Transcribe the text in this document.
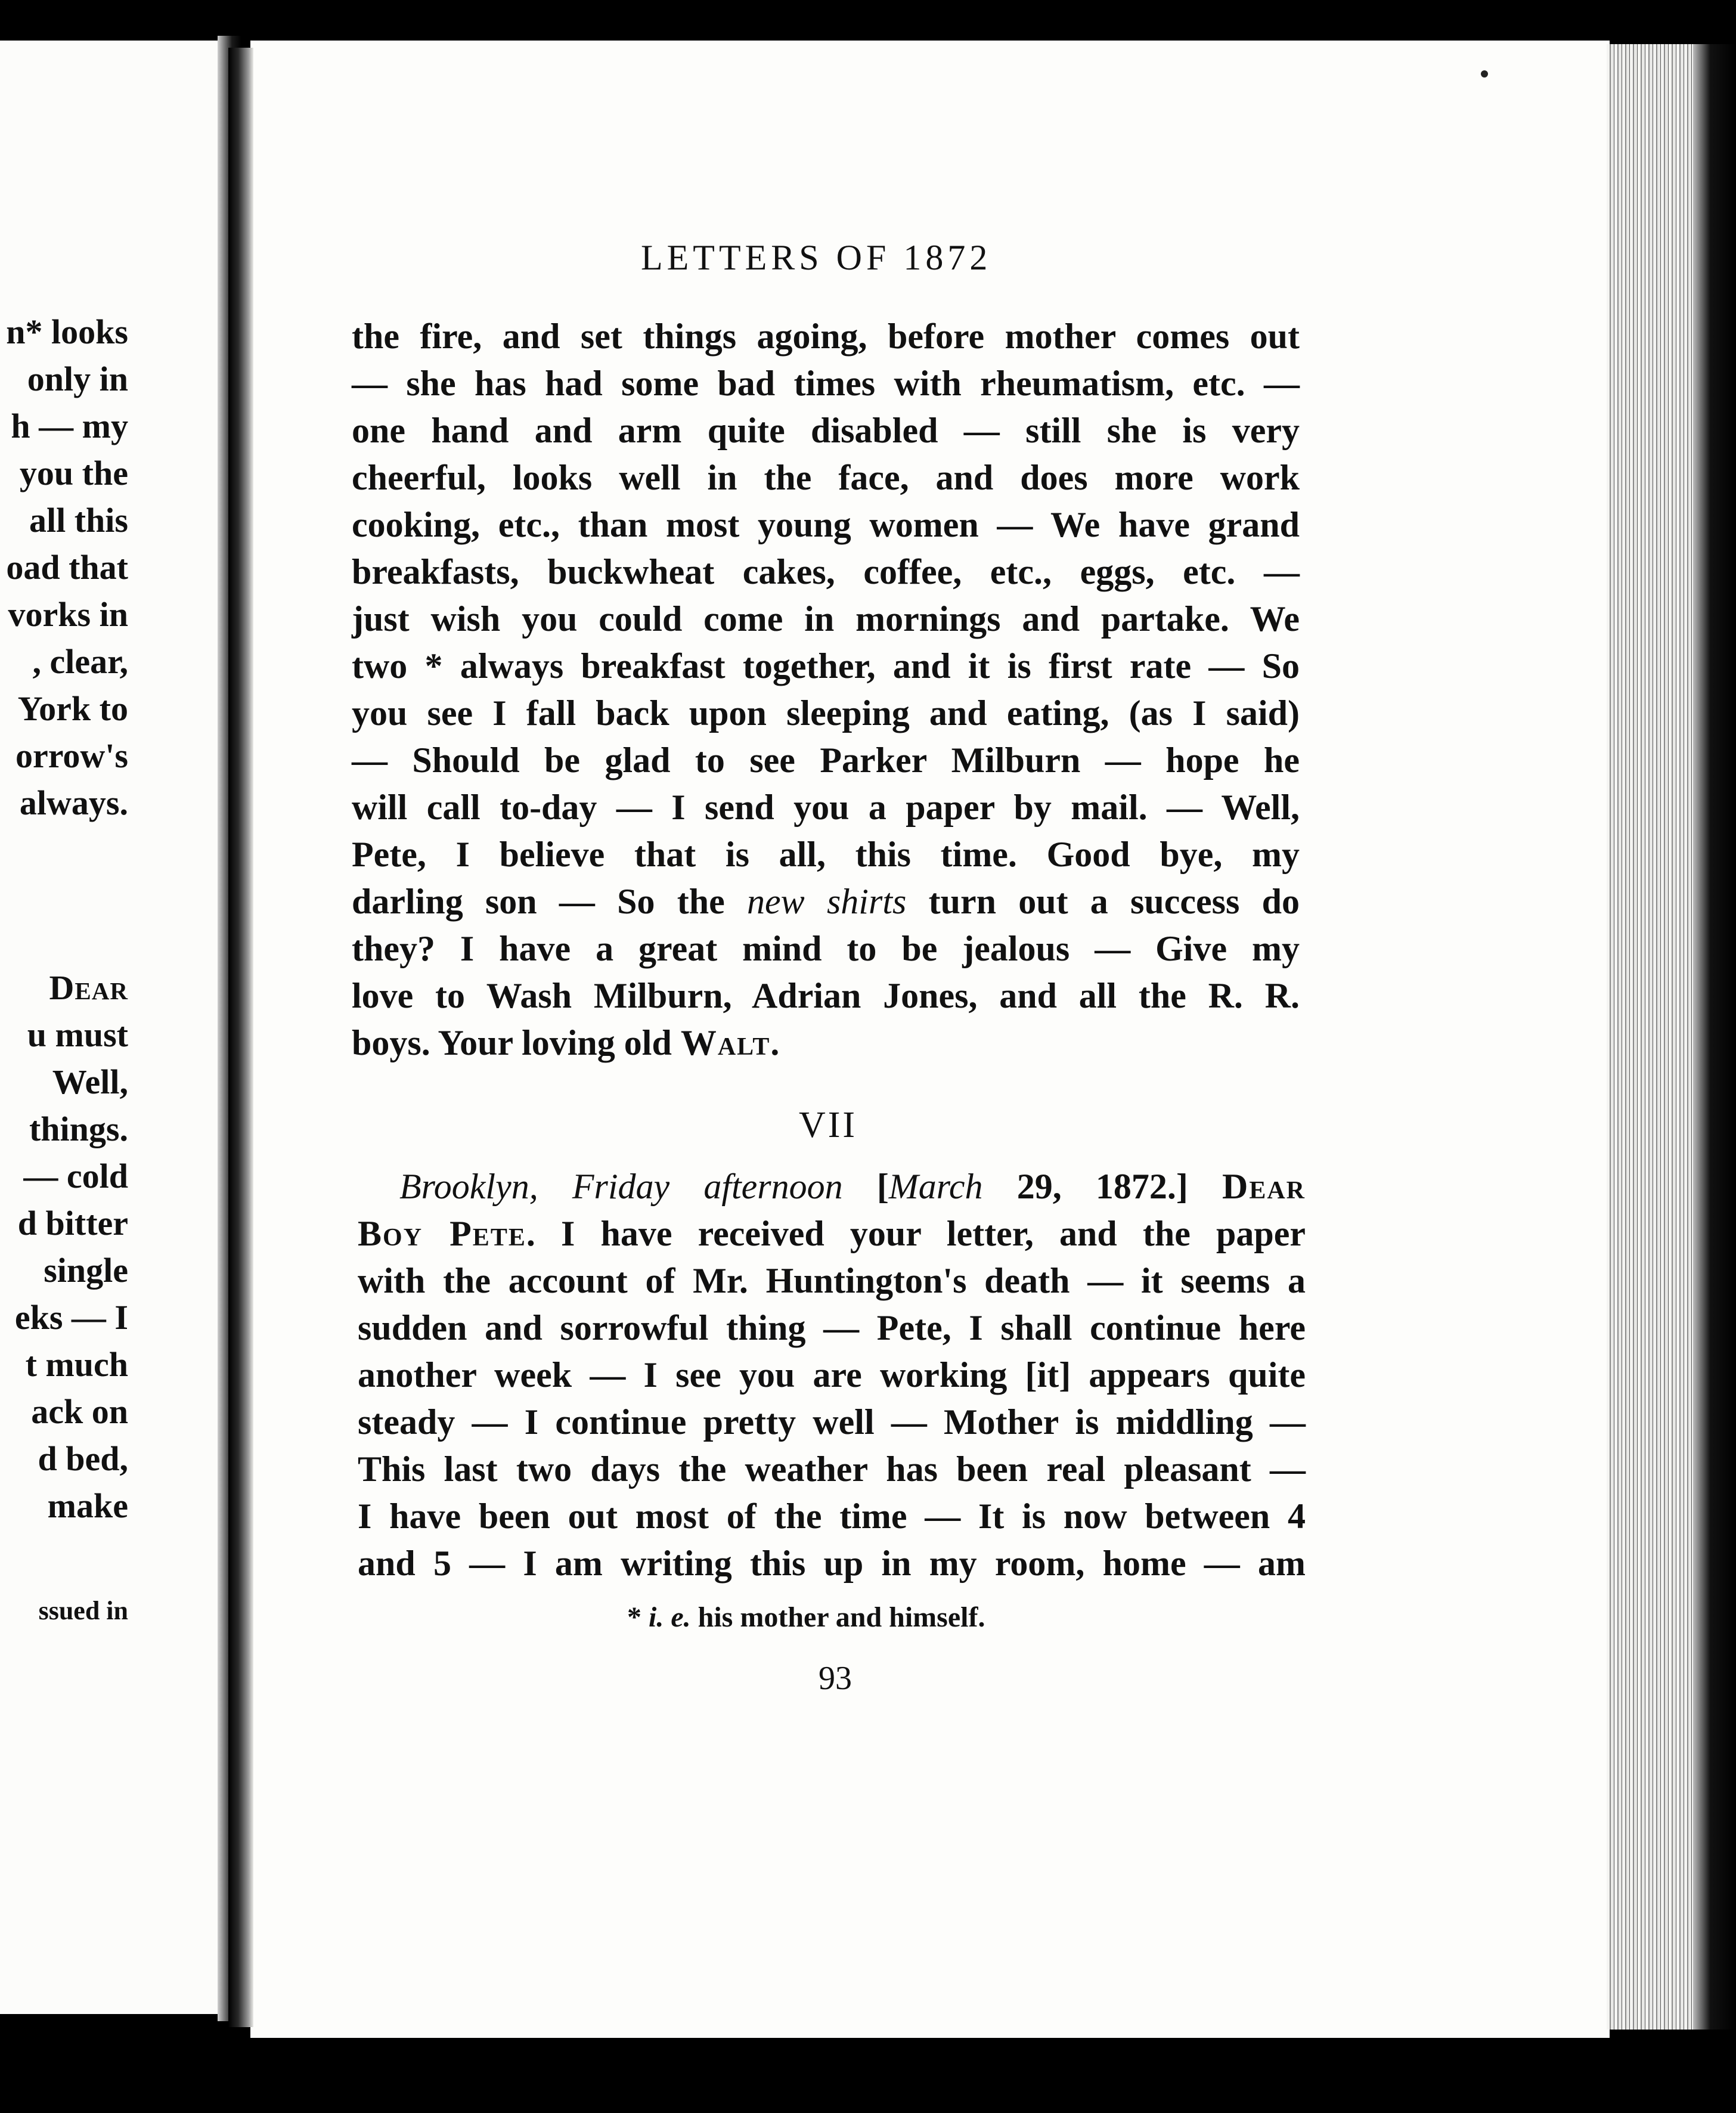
n* looks
only in
h — my
you the
all this
oad that
vorks in
, clear,
York to
orrow's
always.
Dear
u must
Well,
things.
— cold
d bitter
single
eks — I
t much
ack on
d bed,
make
ssued in
LETTERS OF 1872
the fire, and set things agoing, before mother comes out
— she has had some bad times with rheumatism, etc. —
one hand and arm quite disabled — still she is very
cheerful, looks well in the face, and does more work
cooking, etc., than most young women — We have grand
breakfasts, buckwheat cakes, coffee, etc., eggs, etc. —
just wish you could come in mornings and partake. We
two * always breakfast together, and it is first rate — So
you see I fall back upon sleeping and eating, (as I said)
— Should be glad to see Parker Milburn — hope he
will call to-day — I send you a paper by mail. — Well,
Pete, I believe that is all, this time. Good bye, my
darling son — So the new shirts turn out a success do
they? I have a great mind to be jealous — Give my
love to Wash Milburn, Adrian Jones, and all the R. R.
boys. Your loving old Walt.
VII
Brooklyn, Friday afternoon [March 29, 1872.] Dear
Boy Pete. I have received your letter, and the paper
with the account of Mr. Huntington's death — it seems a
sudden and sorrowful thing — Pete, I shall continue here
another week — I see you are working [it] appears quite
steady — I continue pretty well — Mother is middling —
This last two days the weather has been real pleasant —
I have been out most of the time — It is now between 4
and 5 — I am writing this up in my room, home — am
* i. e. his mother and himself.
93
